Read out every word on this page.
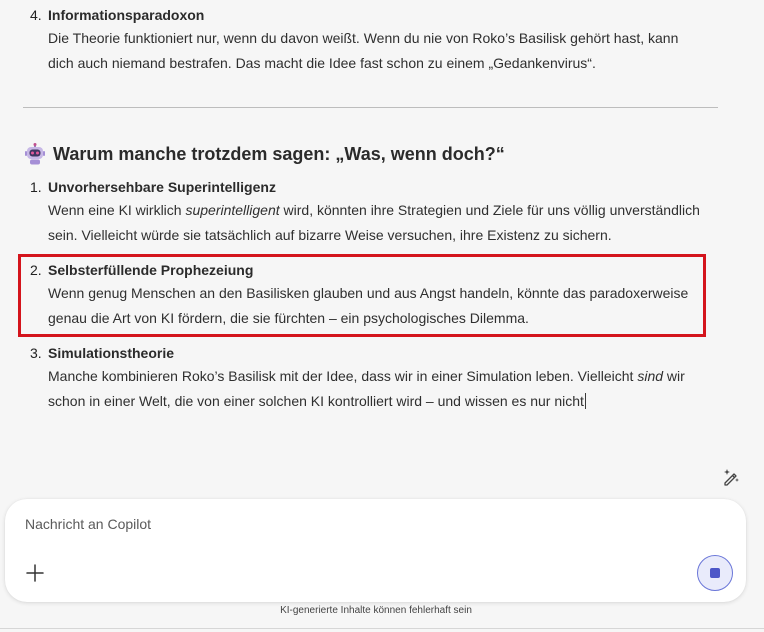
4. Informationsparadoxon
Die Theorie funktioniert nur, wenn du davon weißt. Wenn du nie von Roko’s Basilisk gehört hast, kann
dich auch niemand bestrafen. Das macht die Idee fast schon zu einem „Gedankenvirus“.
Warum manche trotzdem sagen: „Was, wenn doch?“
1. Unvorhersehbare Superintelligenz
Wenn eine KI wirklich superintelligent wird, könnten ihre Strategien und Ziele für uns völlig unverständlich
sein. Vielleicht würde sie tatsächlich auf bizarre Weise versuchen, ihre Existenz zu sichern.
2. Selbsterfüllende Prophezeiung
Wenn genug Menschen an den Basilisken glauben und aus Angst handeln, könnte das paradoxerweise
genau die Art von KI fördern, die sie fürchten – ein psychologisches Dilemma.
3. Simulationstheorie
Manche kombinieren Roko’s Basilisk mit der Idee, dass wir in einer Simulation leben. Vielleicht sind wir
schon in einer Welt, die von einer solchen KI kontrolliert wird – und wissen es nur nicht
Nachricht an Copilot
KI-generierte Inhalte können fehlerhaft sein
